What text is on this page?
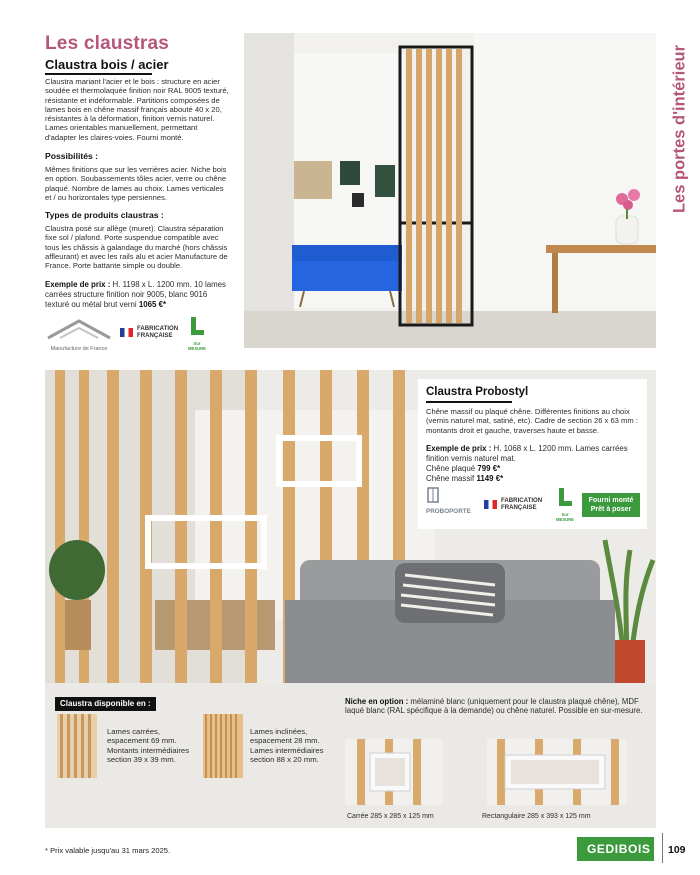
Les claustras
Claustra bois / acier
Claustra mariant l'acier et le bois : structure en acier soudée et thermolaquée finition noir RAL 9005 texturé, résistante et indéformable. Partitions composées de lames bois en chêne massif français abouté 40 x 20, résistantes à la déformation, finition vernis naturel. Lames orientables manuellement, permettant d'adapter les claires-voies. Fourni monté.
Possibilités :
Mêmes finitions que sur les verrières acier. Niche bois en option. Soubassements tôles acier, verre ou chêne plaqué. Nombre de lames au choix. Lames verticales et / ou horizontales type persiennes.
Types de produits claustras :
Claustra posé sur allège (muret). Claustra séparation fixe sol / plafond. Porte suspendue compatible avec tous les châssis à galandage du marché (hors châssis affleurant) et avec les rails alu et acier Manufacture de France. Porte battante simple ou double.
Exemple de prix : H. 1198 x L. 1200 mm. 10 lames carrées structure finition noir 9005, blanc 9016 texturé ou métal brut verni 1065 €*
Manufacture de France
FABRICATION
FRANÇAISE
Sur MESURE
Les portes d'intérieur
Claustra Probostyl
Chêne massif ou plaqué chêne. Différentes finitions au choix (vernis naturel mat, satiné, etc). Cadre de section 26 x 63 mm : montants droit et gauche, traverses haute et basse.
Exemple de prix : H. 1068 x L. 1200 mm. Lames carrées finition vernis naturel mat.
Chêne plaqué 799 €*
Chêne massif 1149 €*
PROBOPORTE
FABRICATION
FRANÇAISE
Sur MESURE
Fourni monté Prêt à poser
Claustra disponible en :
Lames carrées, espacement 69 mm. Montants intermédiaires section 39 x 39 mm.
Lames inclinées, espacement 28 mm. Lames intermédiaires section 88 x 20 mm.
Niche en option : mélaminé blanc (uniquement pour le claustra plaqué chêne), MDF laqué blanc (RAL spécifique à la demande) ou chêne naturel. Possible en sur-mesure.
Carrée 285 x 285 x 125 mm	Rectangulaire 285 x 393 x 125 mm
* Prix valable jusqu'au 31 mars 2025.	GEDIBOIS	109
